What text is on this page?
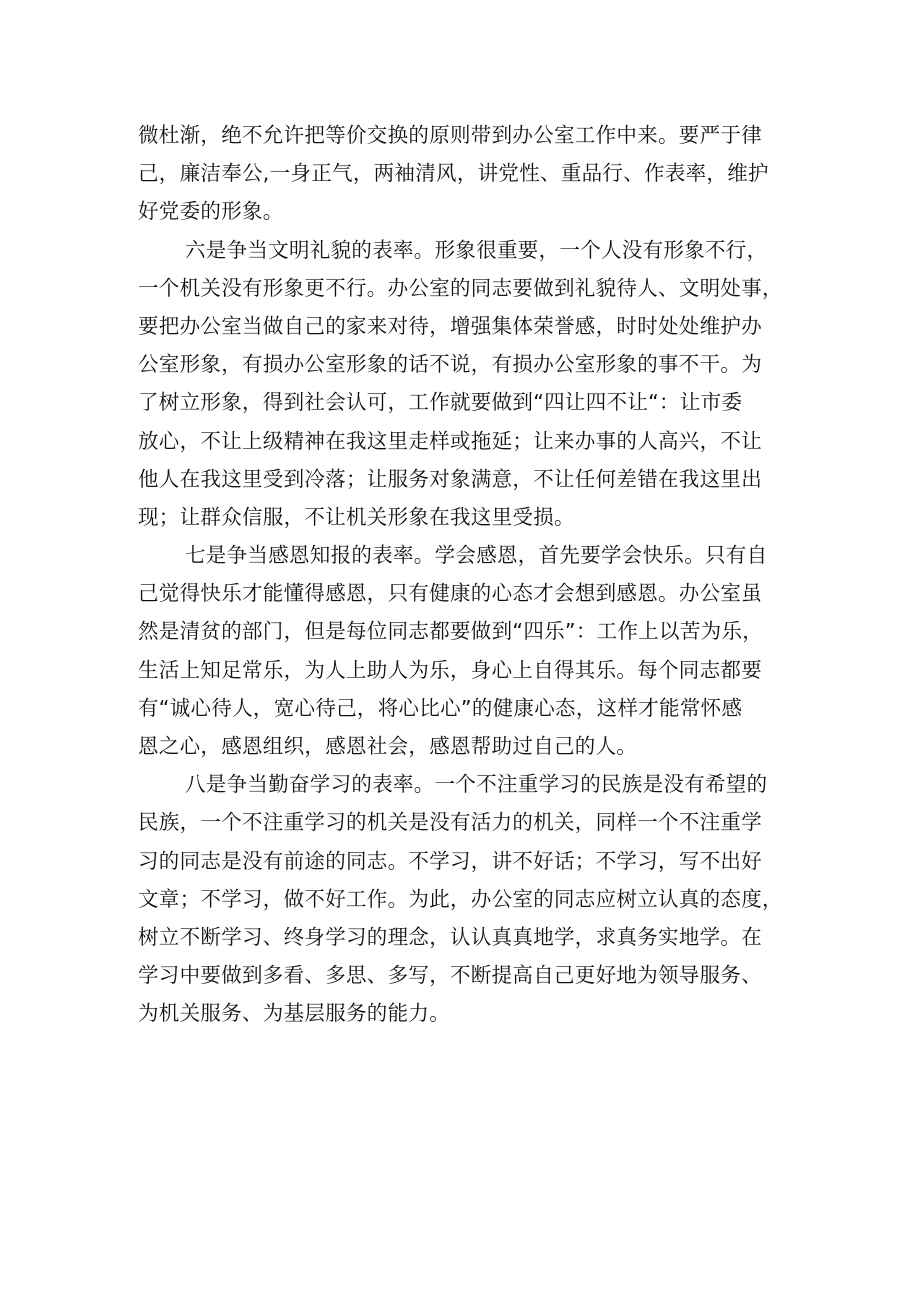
微杜渐，绝不允许把等价交换的原则带到办公室工作中来。要严于律
己，廉洁奉公,一身正气，两袖清风，讲党性、重品行、作表率，维护
好党委的形象。
六是争当文明礼貌的表率。形象很重要，一个人没有形象不行，
一个机关没有形象更不行。办公室的同志要做到礼貌待人、文明处事，
要把办公室当做自己的家来对待，增强集体荣誉感，时时处处维护办
公室形象，有损办公室形象的话不说，有损办公室形象的事不干。为
了树立形象，得到社会认可，工作就要做到“四让四不让“：让市委
放心，不让上级精神在我这里走样或拖延；让来办事的人高兴，不让
他人在我这里受到冷落；让服务对象满意，不让任何差错在我这里出
现；让群众信服，不让机关形象在我这里受损。
七是争当感恩知报的表率。学会感恩，首先要学会快乐。只有自
己觉得快乐才能懂得感恩，只有健康的心态才会想到感恩。办公室虽
然是清贫的部门，但是每位同志都要做到“四乐”：工作上以苦为乐，
生活上知足常乐，为人上助人为乐，身心上自得其乐。每个同志都要
有“诚心待人，宽心待己，将心比心”的健康心态，这样才能常怀感
恩之心，感恩组织，感恩社会，感恩帮助过自己的人。
八是争当勤奋学习的表率。一个不注重学习的民族是没有希望的
民族，一个不注重学习的机关是没有活力的机关，同样一个不注重学
习的同志是没有前途的同志。不学习，讲不好话；不学习，写不出好
文章；不学习，做不好工作。为此，办公室的同志应树立认真的态度，
树立不断学习、终身学习的理念，认认真真地学，求真务实地学。在
学习中要做到多看、多思、多写，不断提高自己更好地为领导服务、
为机关服务、为基层服务的能力。
